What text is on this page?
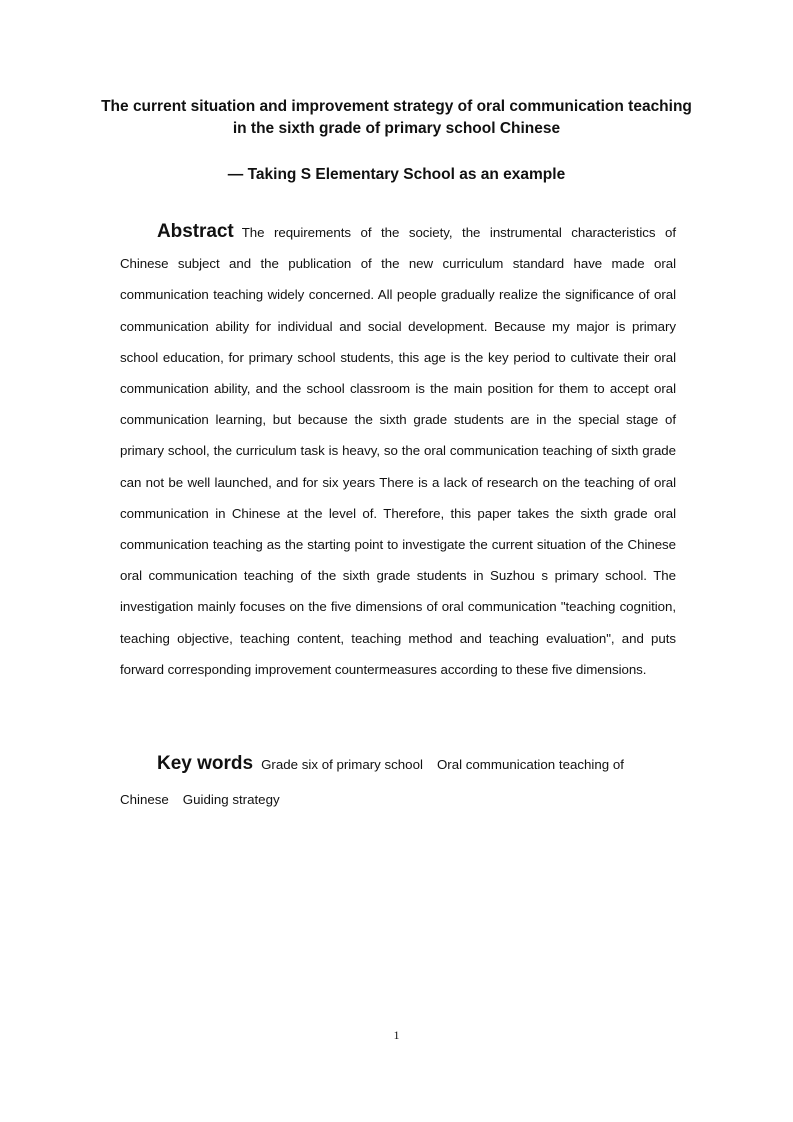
The current situation and improvement strategy of oral communication teaching in the sixth grade of primary school Chinese
— Taking S Elementary School as an example
Abstract The requirements of the society, the instrumental characteristics of Chinese subject and the publication of the new curriculum standard have made oral communication teaching widely concerned. All people gradually realize the significance of oral communication ability for individual and social development. Because my major is primary school education, for primary school students, this age is the key period to cultivate their oral communication ability, and the school classroom is the main position for them to accept oral communication learning, but because the sixth grade students are in the special stage of primary school, the curriculum task is heavy, so the oral communication teaching of sixth grade can not be well launched, and for six years There is a lack of research on the teaching of oral communication in Chinese at the level of. Therefore, this paper takes the sixth grade oral communication teaching as the starting point to investigate the current situation of the Chinese oral communication teaching of the sixth grade students in Suzhou s primary school. The investigation mainly focuses on the five dimensions of oral communication "teaching cognition, teaching objective, teaching content, teaching method and teaching evaluation", and puts forward corresponding improvement countermeasures according to these five dimensions.
Key words Grade six of primary school Oral communication teaching of Chinese Guiding strategy
1
